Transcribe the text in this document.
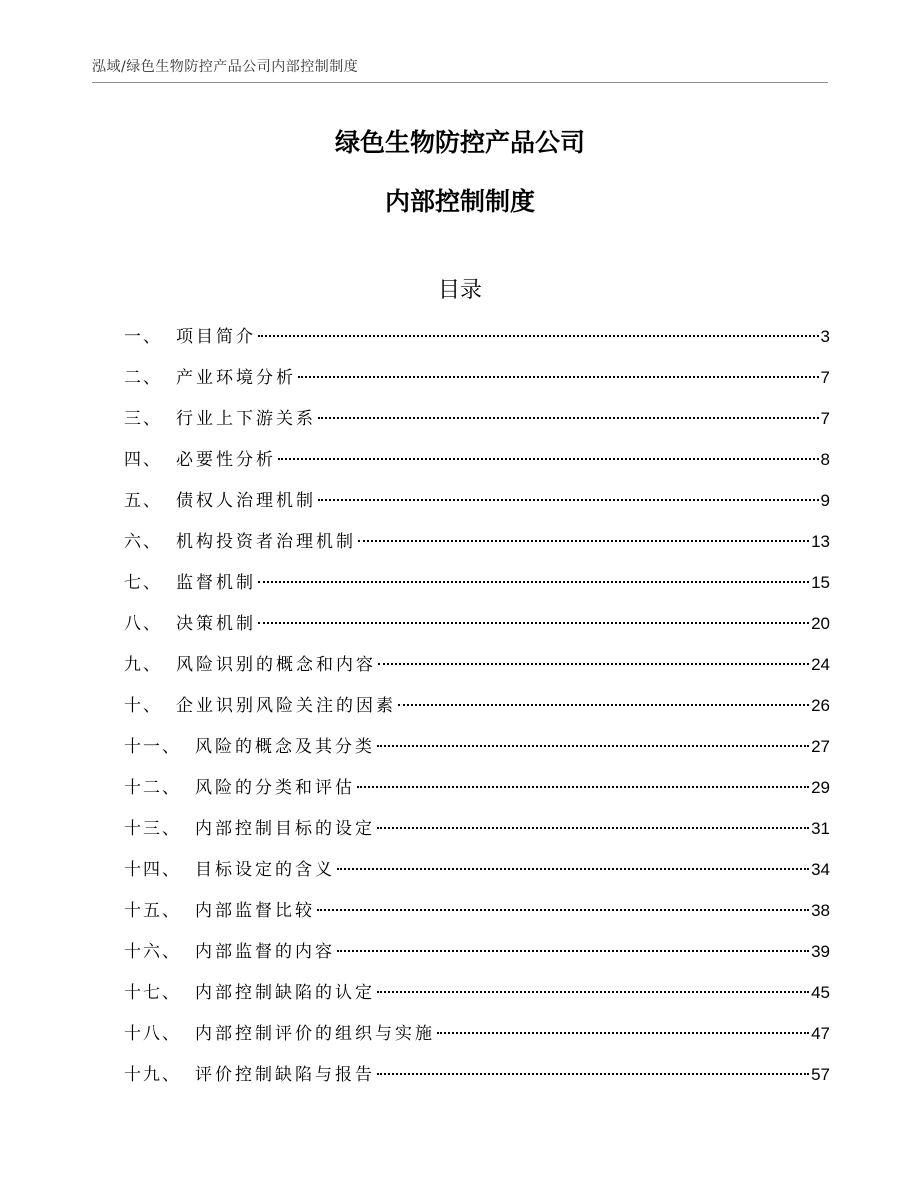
泓域/绿色生物防控产品公司内部控制制度
绿色生物防控产品公司
内部控制制度
目录
一、 项目简介	3
二、 产业环境分析	7
三、 行业上下游关系	7
四、 必要性分析	8
五、 债权人治理机制	9
六、 机构投资者治理机制	13
七、 监督机制	15
八、 决策机制	20
九、 风险识别的概念和内容	24
十、 企业识别风险关注的因素	26
十一、 风险的概念及其分类	27
十二、 风险的分类和评估	29
十三、 内部控制目标的设定	31
十四、 目标设定的含义	34
十五、 内部监督比较	38
十六、 内部监督的内容	39
十七、 内部控制缺陷的认定	45
十八、 内部控制评价的组织与实施	47
十九、 评价控制缺陷与报告	57
